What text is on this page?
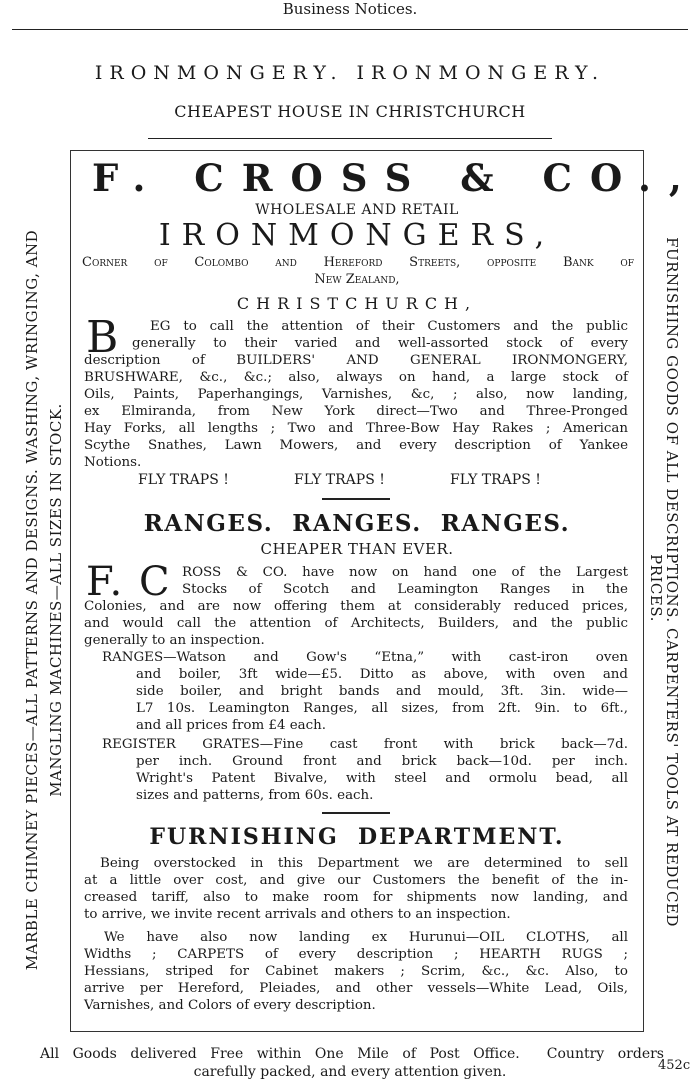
Business Notices.
IRONMONGERY. IRONMONGERY.
CHEAPEST HOUSE IN CHRISTCHURCH
MARBLE CHIMNEY PIECES—ALL PATTERNS AND DESIGNS. WASHING, WRINGING, AND MANGLING MACHINES—ALL SIZES IN STOCK.	FURNISHING GOODS OF ALL DESCRIPTIONS. CARPENTERS' TOOLS AT REDUCED
PRICES.
F. CROSS & CO.,
WHOLESALE AND RETAIL
IRONMONGERS,
Corner of Colombo and Hereford Streets, opposite Bank of
New Zealand,
CHRISTCHURCH,
B EG to call the attention of their Customers and the public
generally to their varied and well-assorted stock of every
description of BUILDERS' AND GENERAL IRONMONGERY,
BRUSHWARE, &c., &c.; also, always on hand, a large stock of
Oils, Paints, Paperhangings, Varnishes, &c, ; also, now landing,
ex Elmiranda, from New York direct—Two and Three-Pronged
Hay Forks, all lengths ; Two and Three-Bow Hay Rakes ; American
Scythe Snathes, Lawn Mowers, and every description of Yankee
Notions.
FLY TRAPS !	FLY TRAPS !	FLY TRAPS !
RANGES.  RANGES.  RANGES.
CHEAPER THAN EVER.
F. C ROSS & CO. have now on hand one of the Largest
Stocks of Scotch and Leamington Ranges in the
Colonies, and are now offering them at considerably reduced prices,
and would call the attention of Architects, Builders, and the public
generally to an inspection.
RANGES—Watson and Gow's “Etna,” with cast-iron oven
and boiler, 3ft wide—£5. Ditto as above, with oven and
side boiler, and bright bands and mould, 3ft. 3in. wide—
L7 10s. Leamington Ranges, all sizes, from 2ft. 9in. to 6ft.,
and all prices from £4 each.
REGISTER GRATES—Fine cast front with brick back—7d.
per inch. Ground front and brick back—10d. per inch.
Wright's Patent Bivalve, with steel and ormolu bead, all
sizes and patterns, from 60s. each.
FURNISHING  DEPARTMENT.
Being overstocked in this Department we are determined to sell
at a little over cost, and give our Customers the benefit of the in-
creased tariff, also to make room for shipments now landing, and
to arrive, we invite recent arrivals and others to an inspection.
We have also now landing ex Hurunui—OIL CLOTHS, all
Widths ; CARPETS of every description ; HEARTH RUGS ;
Hessians, striped for Cabinet makers ; Scrim, &c., &c. Also, to
arrive per Hereford, Pleiades, and other vessels—White Lead, Oils,
Varnishes, and Colors of every description.
All Goods delivered Free within One Mile of Post Office.  Country orders
carefully packed, and every attention given.	452c
